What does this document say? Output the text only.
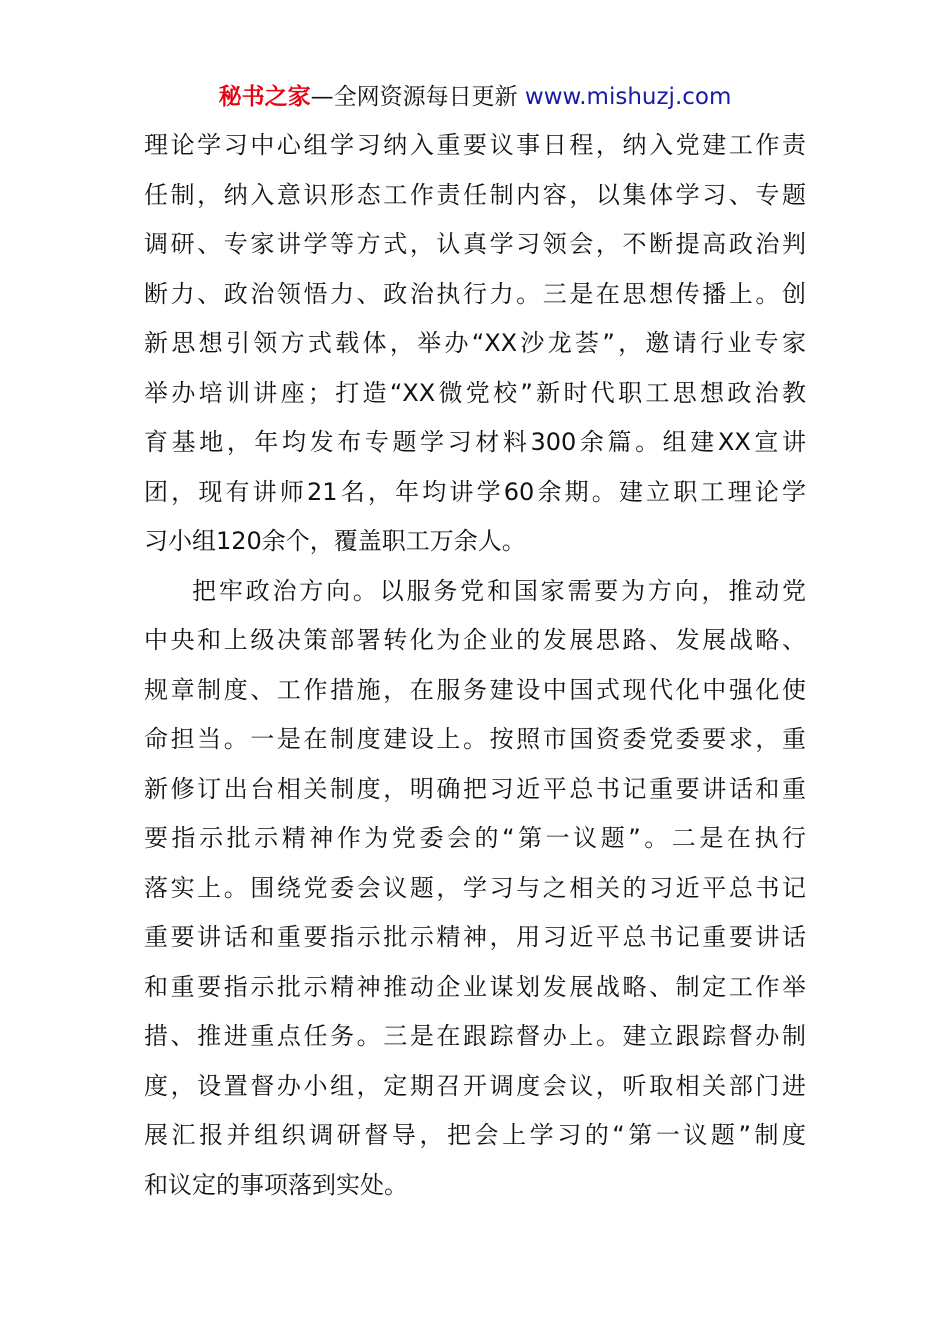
秘书之家—全网资源每日更新 www.mishuzj.com

理论学习中心组学习纳入重要议事日程，纳入党建工作责
任制，纳入意识形态工作责任制内容，以集体学习、专题
调研、专家讲学等方式，认真学习领会，不断提高政治判
断力、政治领悟力、政治执行力。三是在思想传播上。创
新思想引领方式载体，举办“XX沙龙荟”，邀请行业专家
举办培训讲座；打造“XX微党校”新时代职工思想政治教
育基地，年均发布专题学习材料300余篇。组建XX宣讲
团，现有讲师21名，年均讲学60余期。建立职工理论学
习小组120余个，覆盖职工万余人。

把牢政治方向。以服务党和国家需要为方向，推动党
中央和上级决策部署转化为企业的发展思路、发展战略、
规章制度、工作措施，在服务建设中国式现代化中强化使
命担当。一是在制度建设上。按照市国资委党委要求，重
新修订出台相关制度，明确把习近平总书记重要讲话和重
要指示批示精神作为党委会的“第一议题”。二是在执行
落实上。围绕党委会议题，学习与之相关的习近平总书记
重要讲话和重要指示批示精神，用习近平总书记重要讲话
和重要指示批示精神推动企业谋划发展战略、制定工作举
措、推进重点任务。三是在跟踪督办上。建立跟踪督办制
度，设置督办小组，定期召开调度会议，听取相关部门进
展汇报并组织调研督导，把会上学习的“第一议题”制度
和议定的事项落到实处。
